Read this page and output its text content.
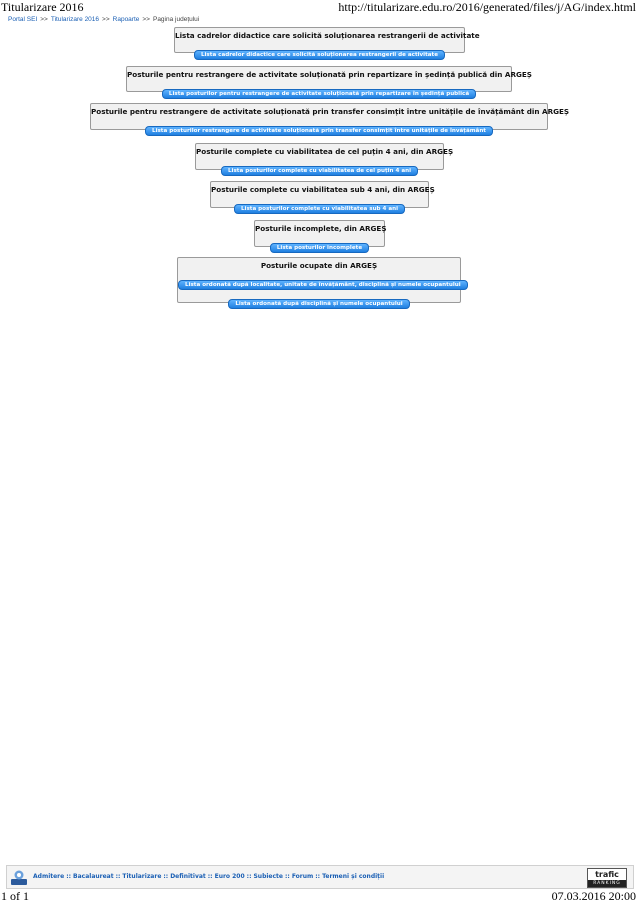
Titularizare 2016	http://titularizare.edu.ro/2016/generated/files/j/AG/index.html
Portal SEI >> Titularizare 2016 >> Rapoarte >> Pagina județului
Lista cadrelor didactice care solicită soluționarea restrangerii de activitate
Lista cadrelor didactice care solicită soluționarea restrangerii de activitate
Posturile pentru restrangere de activitate soluționată prin repartizare în ședință publică din ARGEȘ
Lista posturilor pentru restrangere de activitate soluționată prin repartizare în ședință publică
Posturile pentru restrangere de activitate soluționată prin transfer consimțit între unitățile de învățământ din ARGEȘ
Lista posturilor restrangere de activitate soluționată prin transfer consimțit între unitățile de învățământ
Posturile complete cu viabilitatea de cel puțin 4 ani, din ARGEȘ
Lista posturilor complete cu viabilitatea de cel puțin 4 ani
Posturile complete cu viabilitatea sub 4 ani, din ARGEȘ
Lista posturilor complete cu viabilitatea sub 4 ani
Posturile incomplete, din ARGEȘ
Lista posturilor incomplete
Posturile ocupate din ARGEȘ
Lista ordonată după localitate, unitate de învățământ, disciplină și numele ocupantului
Lista ordonată după disciplină și numele ocupantului
Admitere :: Bacalaureat :: Titularizare :: Definitivat :: Euro 200 :: Subiecte :: Forum :: Termeni și condiții	trafic
RANKING
1 of 1	07.03.2016 20:00
